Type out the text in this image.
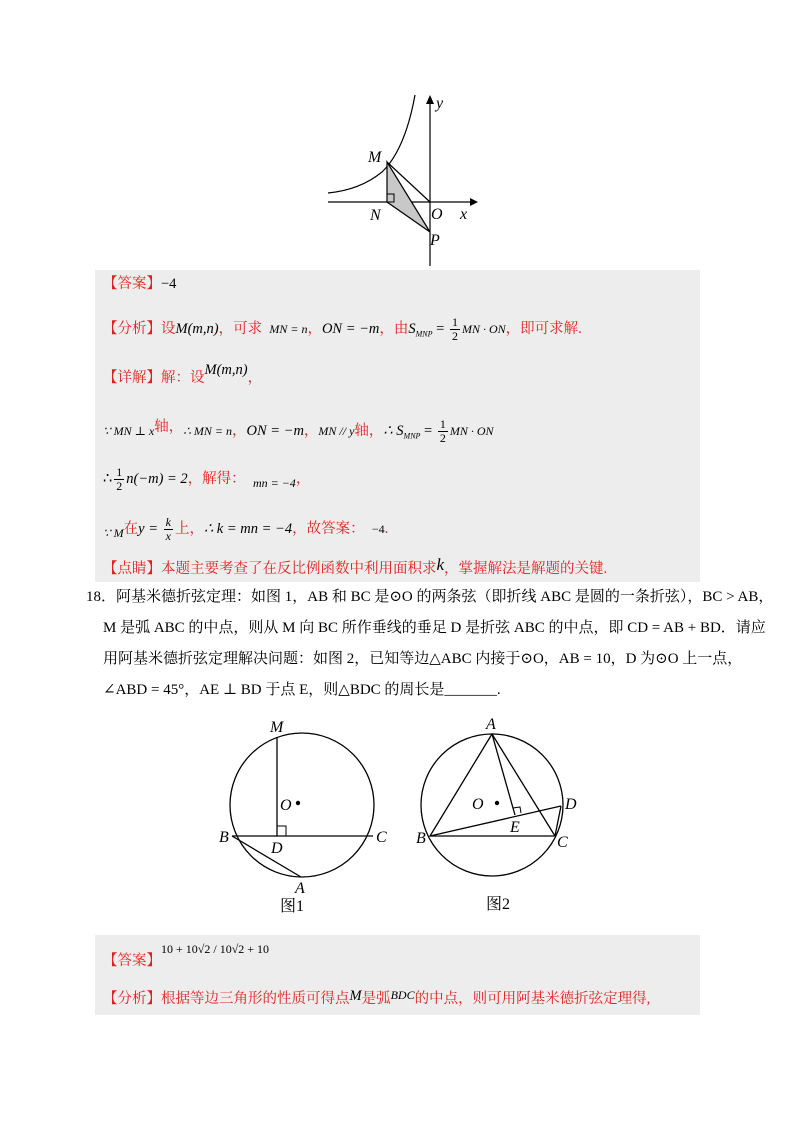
y
x
M
N	O
P
【答案】−4
【分析】设M(m,n)，可求 MN = n，ON = −m，由$S_{MNP} = \frac{1}{2}$ MN · ON，即可求解.
【详解】解：设M(m,n)，
∵ MN ⊥ x轴，∴ MN = n，ON = −m，MN // y轴，∴ $S_{MNP} = \frac{1}{2}$ MN · ON
∴ $\frac{1}{2} n(-m) = 2$，解得： $_{mn = -4}$，
$_{\because M}$在$y = \frac{k}{x}$ 上，∴ k = mn = −4，故答案： −4.
【点睛】本题主要考查了在反比例函数中利用面积求k，掌握解法是解题的关键.
18．阿基米德折弦定理：如图 1，AB 和 BC 是⊙O 的两条弦（即折线 ABC 是圆的一条折弦），BC > AB，
M 是弧 ABC 的中点，则从 M 向 BC 所作垂线的垂足 D 是折弦 ABC 的中点，即 CD = AB + BD．请应
用阿基米德折弦定理解决问题：如图 2，已知等边△ABC 内接于⊙O，AB = 10，D 为⊙O 上一点，
∠ABD = 45°，AE ⊥ BD 于点 E，则△BDC 的周长是_______.
M
O
B	C
D
A
图1
A
O	D
E
B	C
图2
【答案】$^{10 + 10√2 / 10√2 + 10}$
【分析】根据等边三角形的性质可得点M是弧$^{BDC}$的中点，则可用阿基米德折弦定理得,
